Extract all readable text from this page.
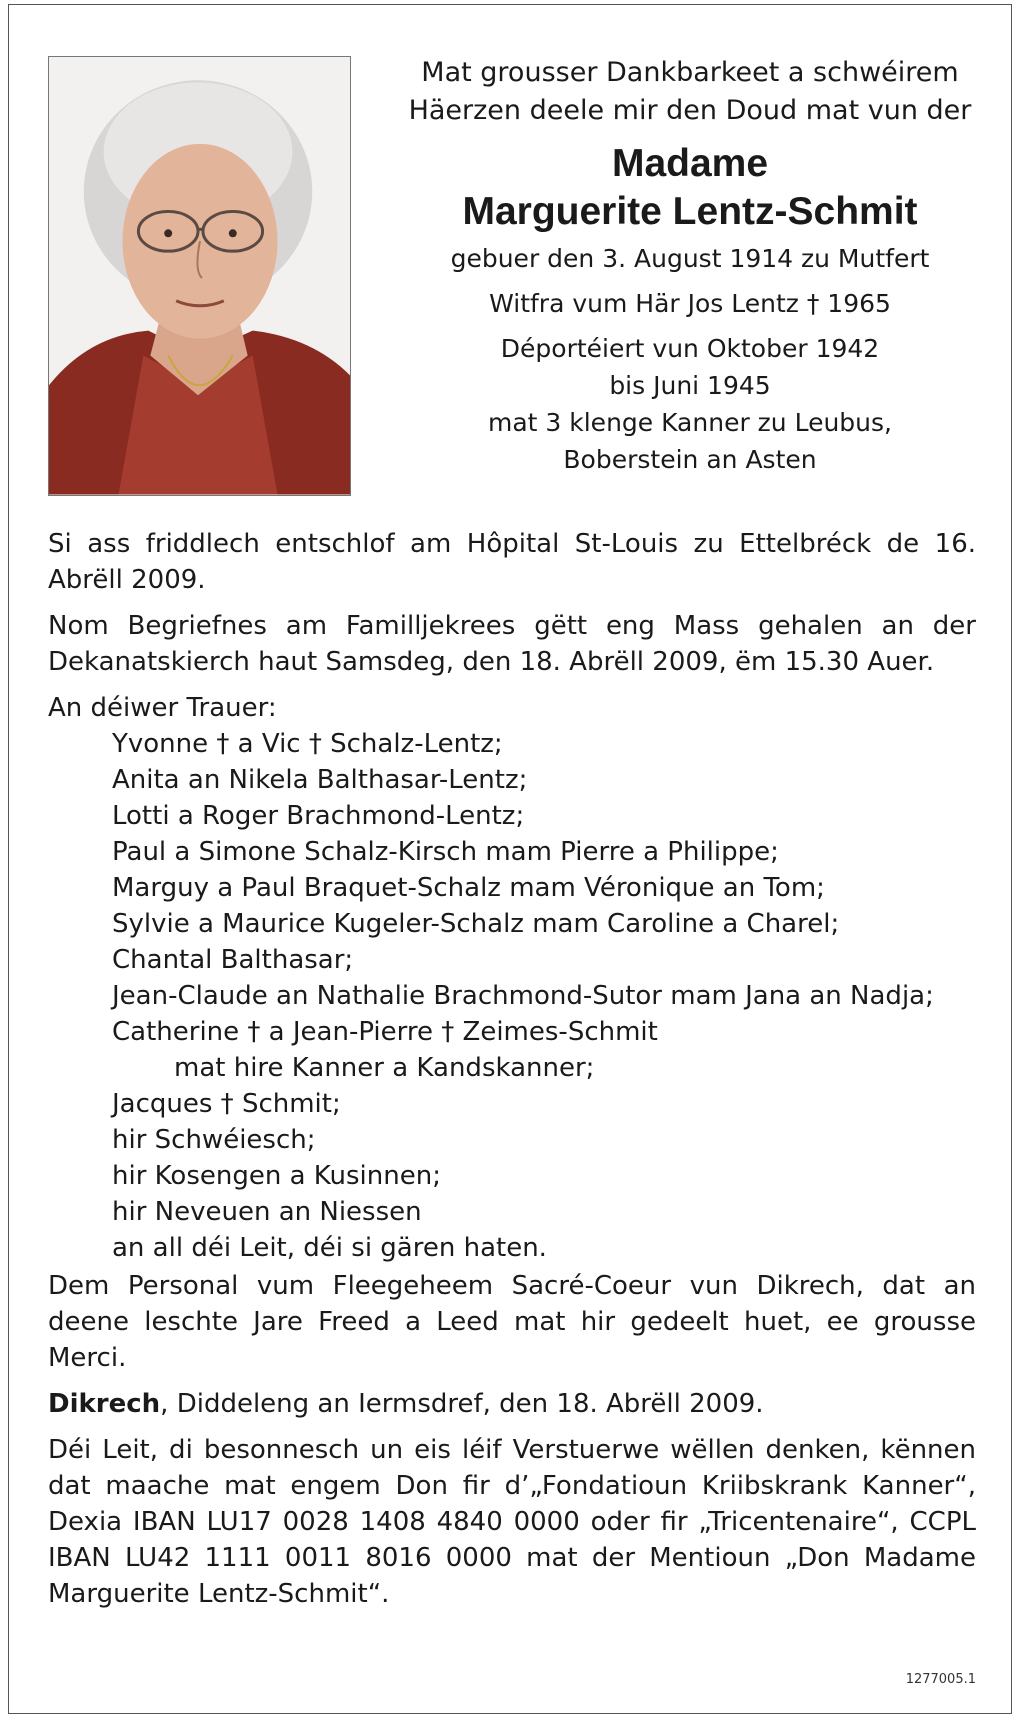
Mat grousser Dankbarkeet a schwéirem
Häerzen deele mir den Doud mat vun der
Madame
Marguerite Lentz-Schmit
gebuer den 3. August 1914 zu Mutfert
Witfra vum Här Jos Lentz † 1965
Déportéiert vun Oktober 1942
bis Juni 1945
mat 3 klenge Kanner zu Leubus,
Boberstein an Asten
Si ass friddlech entschlof am Hôpital St-Louis zu Ettelbréck de 16. Abrëll 2009.
Nom Begriefnes am Familljekrees gëtt eng Mass gehalen an der Dekanatskierch haut Samsdeg, den 18. Abrëll 2009, ëm 15.30 Auer.
An déiwer Trauer:
Yvonne † a Vic † Schalz-Lentz;
Anita an Nikela Balthasar-Lentz;
Lotti a Roger Brachmond-Lentz;
Paul a Simone Schalz-Kirsch mam Pierre a Philippe;
Marguy a Paul Braquet-Schalz mam Véronique an Tom;
Sylvie a Maurice Kugeler-Schalz mam Caroline a Charel;
Chantal Balthasar;
Jean-Claude an Nathalie Brachmond-Sutor mam Jana an Nadja;
Catherine † a Jean-Pierre † Zeimes-Schmit
mat hire Kanner a Kandskanner;
Jacques † Schmit;
hir Schwéiesch;
hir Kosengen a Kusinnen;
hir Neveuen an Niessen
an all déi Leit, déi si gären haten.
Dem Personal vum Fleegeheem Sacré-Coeur vun Dikrech, dat an deene leschte Jare Freed a Leed mat hir gedeelt huet, ee grousse Merci.
Dikrech, Diddeleng an Iermsdref, den 18. Abrëll 2009.
Déi Leit, di besonnesch un eis léif Verstuerwe wëllen denken, kënnen dat maache mat engem Don fir d’„Fondatioun Kriibskrank Kanner“, Dexia IBAN LU17 0028 1408 4840 0000 oder fir „Tricentenaire“, CCPL IBAN LU42 1111 0011 8016 0000 mat der Mentioun „Don Madame Marguerite Lentz-Schmit“.
1277005.1
